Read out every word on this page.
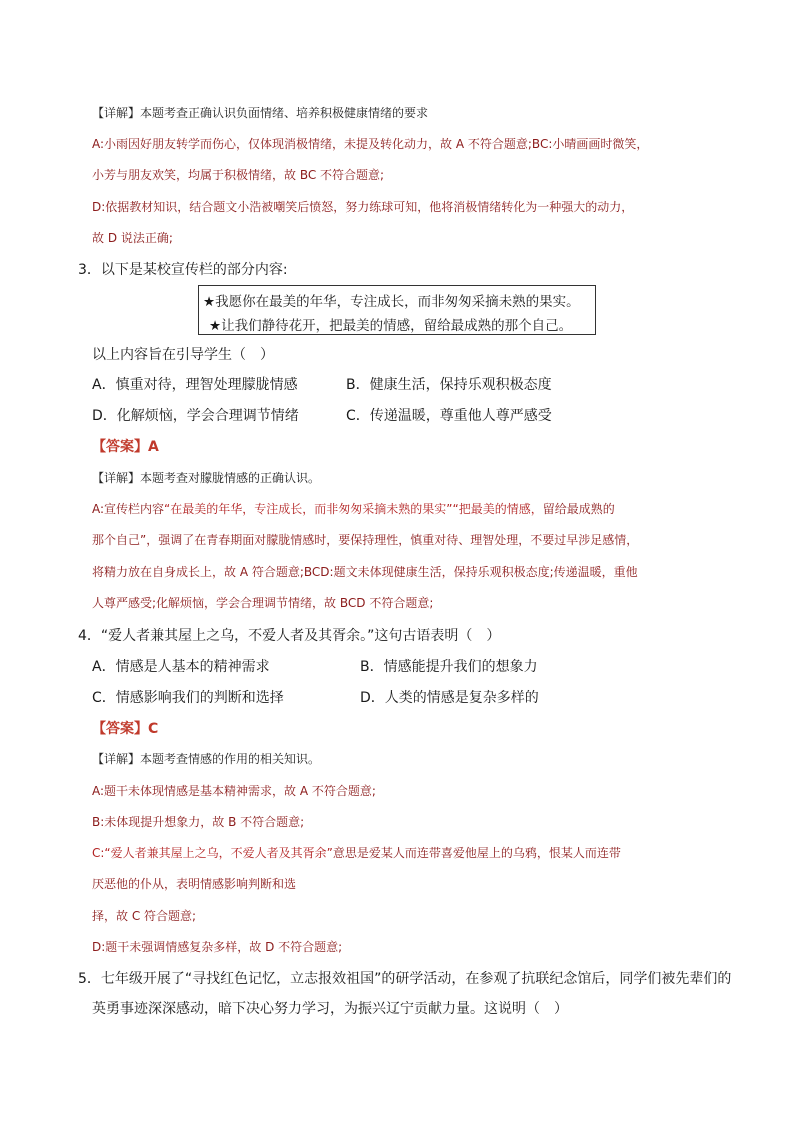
【详解】本题考查正确认识负面情绪、培养积极健康情绪的要求
A:小雨因好朋友转学而伤心，仅体现消极情绪，未提及转化动力，故 A 不符合题意;BC:小晴画画时微笑，
小芳与朋友欢笑，均属于积极情绪，故 BC 不符合题意;
D:依据教材知识，结合题文小浩被嘲笑后愤怒，努力练球可知，他将消极情绪转化为一种强大的动力，
故 D 说法正确;
3．以下是某校宣传栏的部分内容:
★我愿你在最美的年华，专注成长，而非匆匆采摘未熟的果实。
★让我们静待花开，把最美的情感，留给最成熟的那个自己。
以上内容旨在引导学生（　）
A．慎重对待，理智处理朦胧情感	B．健康生活，保持乐观积极态度
D．化解烦恼，学会合理调节情绪	C．传递温暖，尊重他人尊严感受
【答案】A
【详解】本题考查对朦胧情感的正确认识。
A:宣传栏内容“在最美的年华，专注成长，而非匆匆采摘未熟的果实”“把最美的情感，留给最成熟的
那个自己”，强调了在青春期面对朦胧情感时，要保持理性，慎重对待、理智处理，不要过早涉足感情，
将精力放在自身成长上，故 A 符合题意;BCD:题文未体现健康生活，保持乐观积极态度;传递温暖，重他
人尊严感受;化解烦恼，学会合理调节情绪，故 BCD 不符合题意;
4．“爱人者兼其屋上之乌，不爱人者及其胥余。”这句古语表明（　）
A．情感是人基本的精神需求	B．情感能提升我们的想象力
C．情感影响我们的判断和选择	D．人类的情感是复杂多样的
【答案】C
【详解】本题考查情感的作用的相关知识。
A:题干未体现情感是基本精神需求，故 A 不符合题意;
B:未体现提升想象力，故 B 不符合题意;
C:“爱人者兼其屋上之乌，不爱人者及其胥余”意思是爱某人而连带喜爱他屋上的乌鸦，恨某人而连带
厌恶他的仆从，表明情感影响判断和选
择，故 C 符合题意;
D:题干未强调情感复杂多样，故 D 不符合题意;
5．七年级开展了“寻找红色记忆，立志报效祖国”的研学活动，在参观了抗联纪念馆后，同学们被先辈们的
英勇事迹深深感动，暗下决心努力学习，为振兴辽宁贡献力量。这说明（　）
